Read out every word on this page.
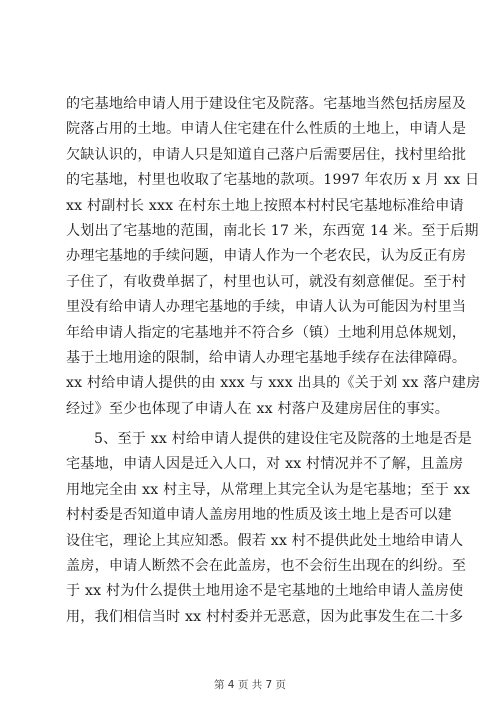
的宅基地给申请人用于建设住宅及院落。宅基地当然包括房屋及
院落占用的土地。申请人住宅建在什么性质的土地上，申请人是
欠缺认识的，申请人只是知道自己落户后需要居住，找村里给批
的宅基地，村里也收取了宅基地的款项。1997 年农历 x 月 xx 日
xx 村副村长 xxx 在村东土地上按照本村村民宅基地标准给申请
人划出了宅基地的范围，南北长 17 米，东西宽 14 米。至于后期
办理宅基地的手续问题，申请人作为一个老农民，认为反正有房
子住了，有收费单据了，村里也认可，就没有刻意催促。至于村
里没有给申请人办理宅基地的手续，申请人认为可能因为村里当
年给申请人指定的宅基地并不符合乡（镇）土地利用总体规划，
基于土地用途的限制，给申请人办理宅基地手续存在法律障碍。
xx 村给申请人提供的由 xxx 与 xxx 出具的《关于刘 xx 落户建房
经过》至少也体现了申请人在 xx 村落户及建房居住的事实。
5、至于 xx 村给申请人提供的建设住宅及院落的土地是否是
宅基地，申请人因是迁入人口，对 xx 村情况并不了解，且盖房
用地完全由 xx 村主导，从常理上其完全认为是宅基地；至于 xx
村村委是否知道申请人盖房用地的性质及该土地上是否可以建
设住宅，理论上其应知悉。假若 xx 村不提供此处土地给申请人
盖房，申请人断然不会在此盖房，也不会衍生出现在的纠纷。至
于 xx 村为什么提供土地用途不是宅基地的土地给申请人盖房使
用，我们相信当时 xx 村村委并无恶意，因为此事发生在二十多
第 4 页 共 7 页
